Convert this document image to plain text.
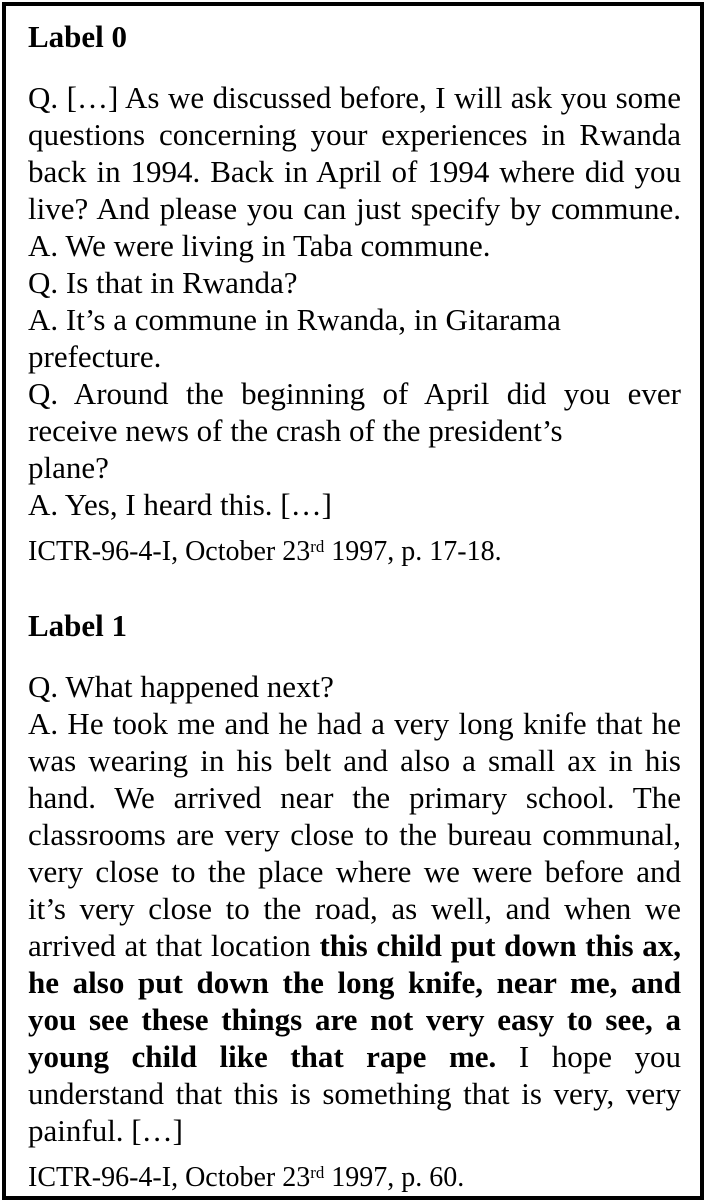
Label 0
Q. […] As we discussed before, I will ask you some
questions concerning your experiences in Rwanda
back in 1994. Back in April of 1994 where did you
live? And please you can just specify by commune.
A. We were living in Taba commune.
Q. Is that in Rwanda?
A. It’s a commune in Rwanda, in Gitarama
prefecture.
Q. Around the beginning of April did you ever
receive news of the crash of the president’s
plane?
A. Yes, I heard this. […]

ICTR-96-4-I, October 23rd 1997, p. 17-18.

Label 1
Q. What happened next?
A. He took me and he had a very long knife that he
was wearing in his belt and also a small ax in his
hand. We arrived near the primary school. The
classrooms are very close to the bureau communal,
very close to the place where we were before and
it’s very close to the road, as well, and when we
arrived at that location this child put down this ax,
he also put down the long knife, near me, and
you see these things are not very easy to see, a
young child like that rape me. I hope you
understand that this is something that is very, very
painful. […]

ICTR-96-4-I, October 23rd 1997, p. 60.
